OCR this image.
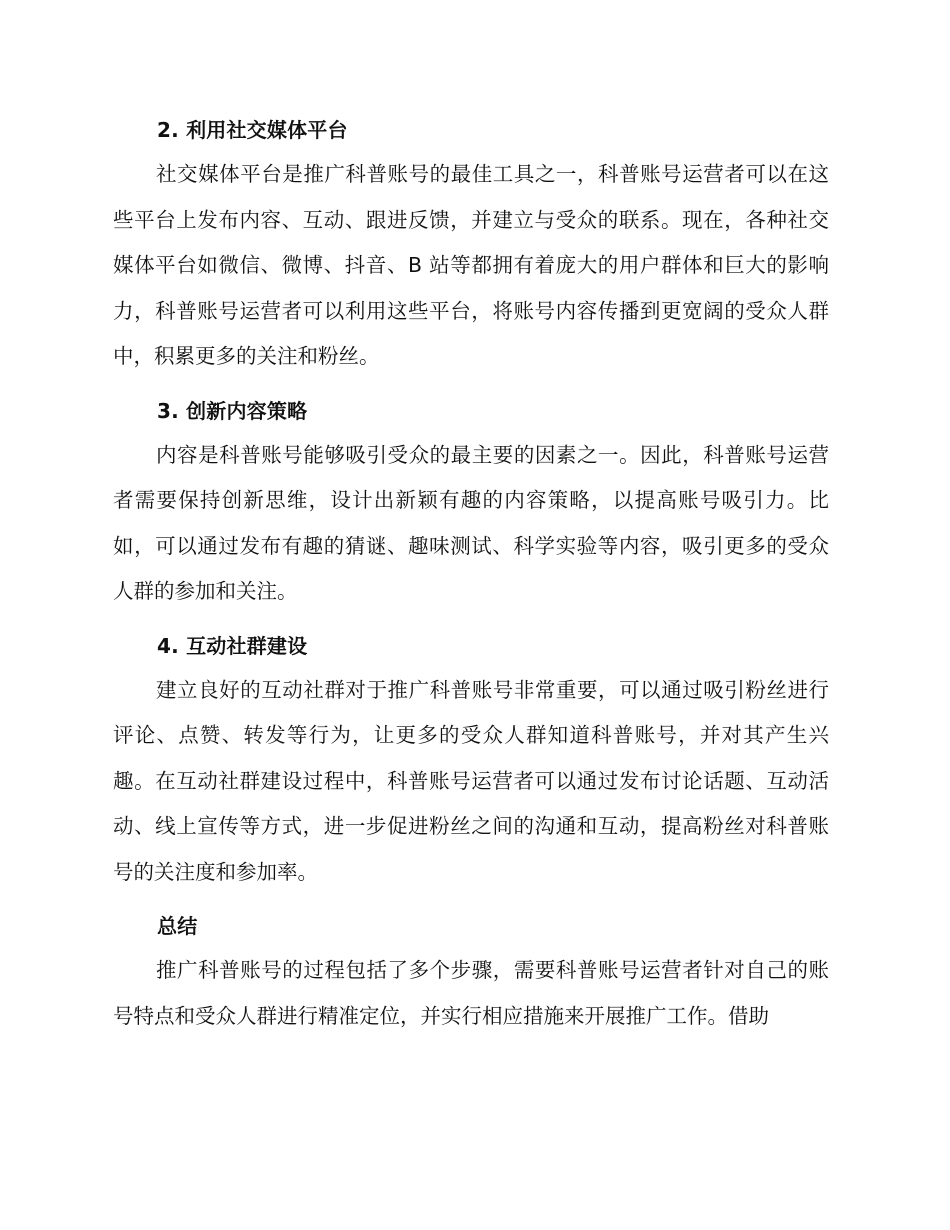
2. 利用社交媒体平台

社交媒体平台是推广科普账号的最佳工具之一，科普账号运营者可以在这些平台上发布内容、互动、跟进反馈，并建立与受众的联系。现在，各种社交媒体平台如微信、微博、抖音、B 站等都拥有着庞大的用户群体和巨大的影响力，科普账号运营者可以利用这些平台，将账号内容传播到更宽阔的受众人群中，积累更多的关注和粉丝。

3. 创新内容策略

内容是科普账号能够吸引受众的最主要的因素之一。因此，科普账号运营者需要保持创新思维，设计出新颖有趣的内容策略，以提高账号吸引力。比如，可以通过发布有趣的猜谜、趣味测试、科学实验等内容，吸引更多的受众人群的参加和关注。

4. 互动社群建设

建立良好的互动社群对于推广科普账号非常重要，可以通过吸引粉丝进行评论、点赞、转发等行为，让更多的受众人群知道科普账号，并对其产生兴趣。在互动社群建设过程中，科普账号运营者可以通过发布讨论话题、互动活动、线上宣传等方式，进一步促进粉丝之间的沟通和互动，提高粉丝对科普账号的关注度和参加率。

总结

推广科普账号的过程包括了多个步骤，需要科普账号运营者针对自己的账号特点和受众人群进行精准定位，并实行相应措施来开展推广工作。借助
